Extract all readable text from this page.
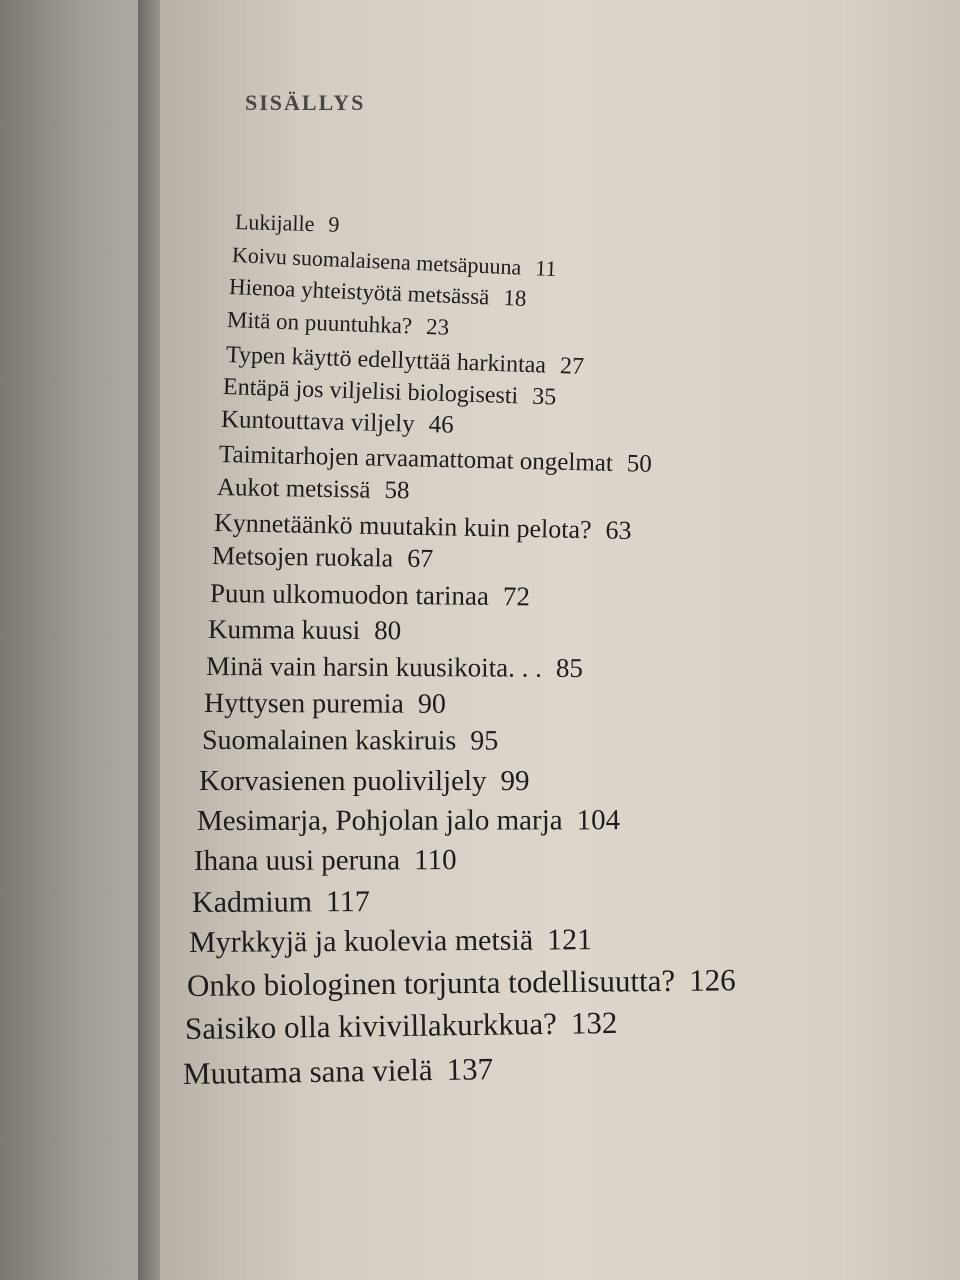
SISÄLLYS
Lukijalle 9
Koivu suomalaisena metsäpuuna 11
Hienoa yhteistyötä metsässä 18
Mitä on puuntuhka? 23
Typen käyttö edellyttää harkintaa 27
Entäpä jos viljelisi biologisesti 35
Kuntouttava viljely 46
Taimitarhojen arvaamattomat ongelmat 50
Aukot metsissä 58
Kynnetäänkö muutakin kuin pelota? 63
Metsojen ruokala 67
Puun ulkomuodon tarinaa 72
Kumma kuusi 80
Minä vain harsin kuusikoita. . . 85
Hyttysen puremia 90
Suomalainen kaskiruis 95
Korvasienen puoliviljely 99
Mesimarja, Pohjolan jalo marja 104
Ihana uusi peruna 110
Kadmium 117
Myrkkyjä ja kuolevia metsiä 121
Onko biologinen torjunta todellisuutta? 126
Saisiko olla kivivillakurkkua? 132
Muutama sana vielä 137
